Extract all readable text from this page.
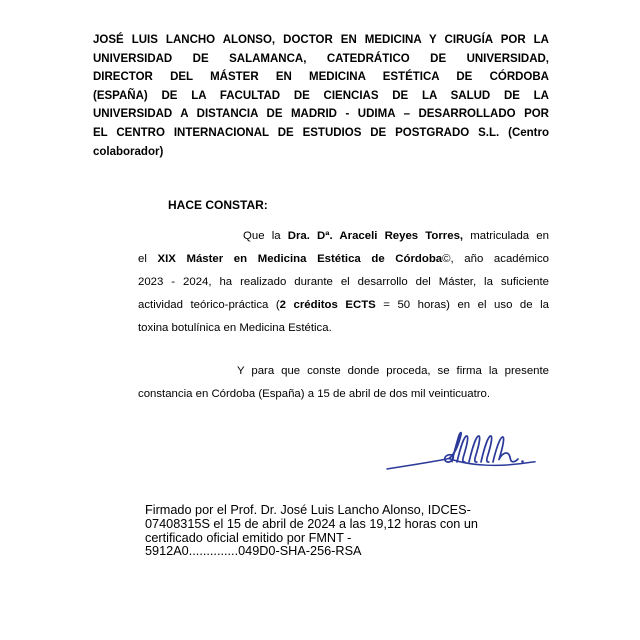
JOSÉ LUIS LANCHO ALONSO, DOCTOR EN MEDICINA Y CIRUGÍA POR LA
UNIVERSIDAD DE SALAMANCA, CATEDRÁTICO DE UNIVERSIDAD,
DIRECTOR DEL MÁSTER EN MEDICINA ESTÉTICA DE CÓRDOBA
(ESPAÑA) DE LA FACULTAD DE CIENCIAS DE LA SALUD DE LA
UNIVERSIDAD A DISTANCIA DE MADRID - UDIMA – DESARROLLADO POR
EL CENTRO INTERNACIONAL DE ESTUDIOS DE POSTGRADO S.L. (Centro
colaborador)
HACE CONSTAR:
Que la Dra. Dª. Araceli Reyes Torres, matriculada en
el XIX Máster en Medicina Estética de Córdoba©, año académico
2023 - 2024, ha realizado durante el desarrollo del Máster, la suficiente
actividad teórico-práctica (2 créditos ECTS = 50 horas) en el uso de la
toxina botulínica en Medicina Estética.
Y para que conste donde proceda, se firma la presente
constancia en Córdoba (España) a 15 de abril de dos mil veinticuatro.
Firmado por el Prof. Dr. José Luis Lancho Alonso, IDCES-
07408315S el 15 de abril de 2024 a las 19,12 horas con un
certificado oficial emitido por FMNT -
5912A0..............049D0-SHA-256-RSA
